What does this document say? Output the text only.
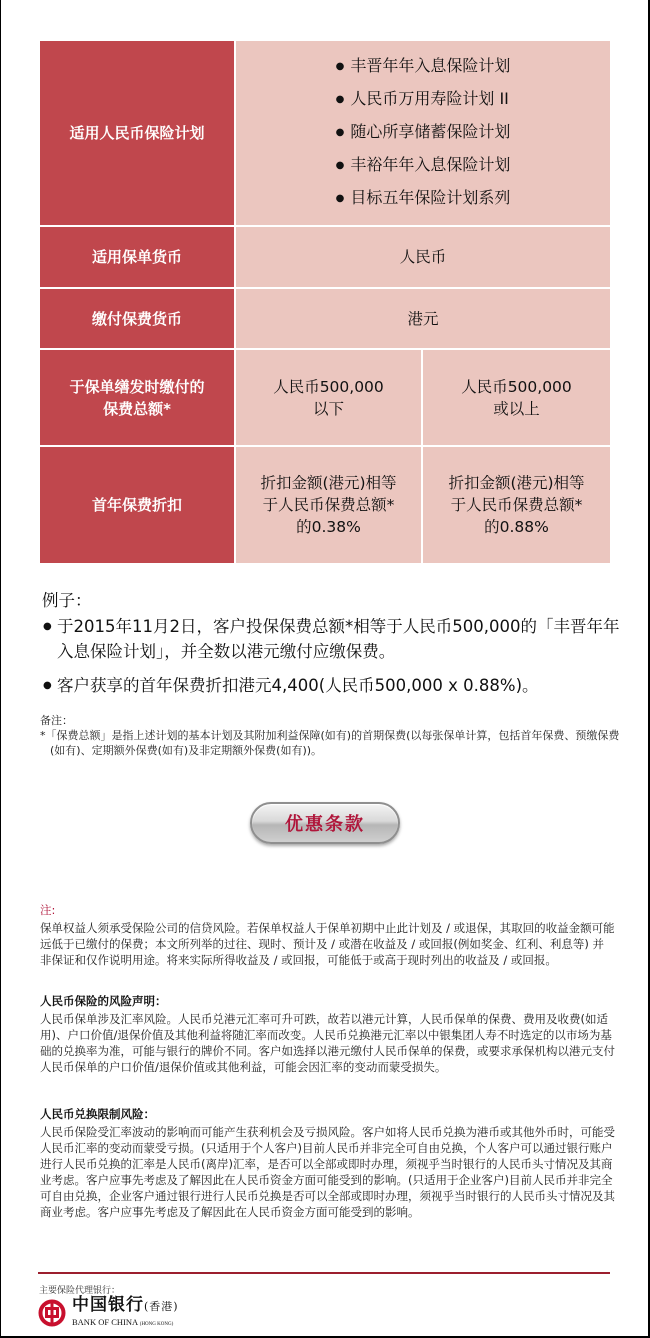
适用人民币保险计划
● 丰晋年年入息保险计划
● 人民币万用寿险计划 II
● 随心所享储蓄保险计划
● 丰裕年年入息保险计划
● 目标五年保险计划系列
适用保单货币	人民币
缴付保费货币	港元
于保单缮发时缴付的
保费总额*
人民币500,000
以下
人民币500,000
或以上
首年保费折扣
折扣金额(港元)相等
于人民币保费总额*
的0.38%
折扣金额(港元)相等
于人民币保费总额*
的0.88%
例子：
● 于2015年11月2日，客户投保保费总额*相等于人民币500,000的「丰晋年年入息保险计划」，并全数以港元缴付应缴保费。
● 客户获享的首年保费折扣港元4,400(人民币500,000 x 0.88%)。
备注：
*「保费总额」是指上述计划的基本计划及其附加利益保障(如有)的首期保费(以每张保单计算，包括首年保费、预缴保费(如有)、定期额外保费(如有)及非定期额外保费(如有))。
优惠条款
注:
保单权益人须承受保险公司的信贷风险。若保单权益人于保单初期中止此计划及 / 或退保，其取回的收益金额可能远低于已缴付的保费；本文所列举的过往、现时、预计及 / 或潜在收益及 / 或回报(例如奖金、红利、利息等) 并非保证和仅作说明用途。将来实际所得收益及 / 或回报，可能低于或高于现时列出的收益及 / 或回报。
人民币保险的风险声明：
人民币保单涉及汇率风险。人民币兑港元汇率可升可跌，故若以港元计算，人民币保单的保费、费用及收费(如适用)、户口价值/退保价值及其他利益将随汇率而改变。人民币兑换港元汇率以中银集团人寿不时选定的以市场为基础的兑换率为准，可能与银行的牌价不同。客户如选择以港元缴付人民币保单的保费，或要求承保机构以港元支付人民币保单的户口价值/退保价值或其他利益，可能会因汇率的变动而蒙受损失。
人民币兑换限制风险：
人民币保险受汇率波动的影响而可能产生获利机会及亏损风险。客户如将人民币兑换为港币或其他外币时，可能受人民币汇率的变动而蒙受亏损。(只适用于个人客户)目前人民币并非完全可自由兑换，个人客户可以通过银行账户进行人民币兑换的汇率是人民币(离岸)汇率，是否可以全部或即时办理，须视乎当时银行的人民币头寸情况及其商业考虑。客户应事先考虑及了解因此在人民币资金方面可能受到的影响。(只适用于企业客户)目前人民币并非完全可自由兑换，企业客户通过银行进行人民币兑换是否可以全部或即时办理，须视乎当时银行的人民币头寸情况及其商业考虑。客户应事先考虑及了解因此在人民币资金方面可能受到的影响。
主要保险代理银行：
中国银行(香港)
BANK OF CHINA (HONG KONG)
